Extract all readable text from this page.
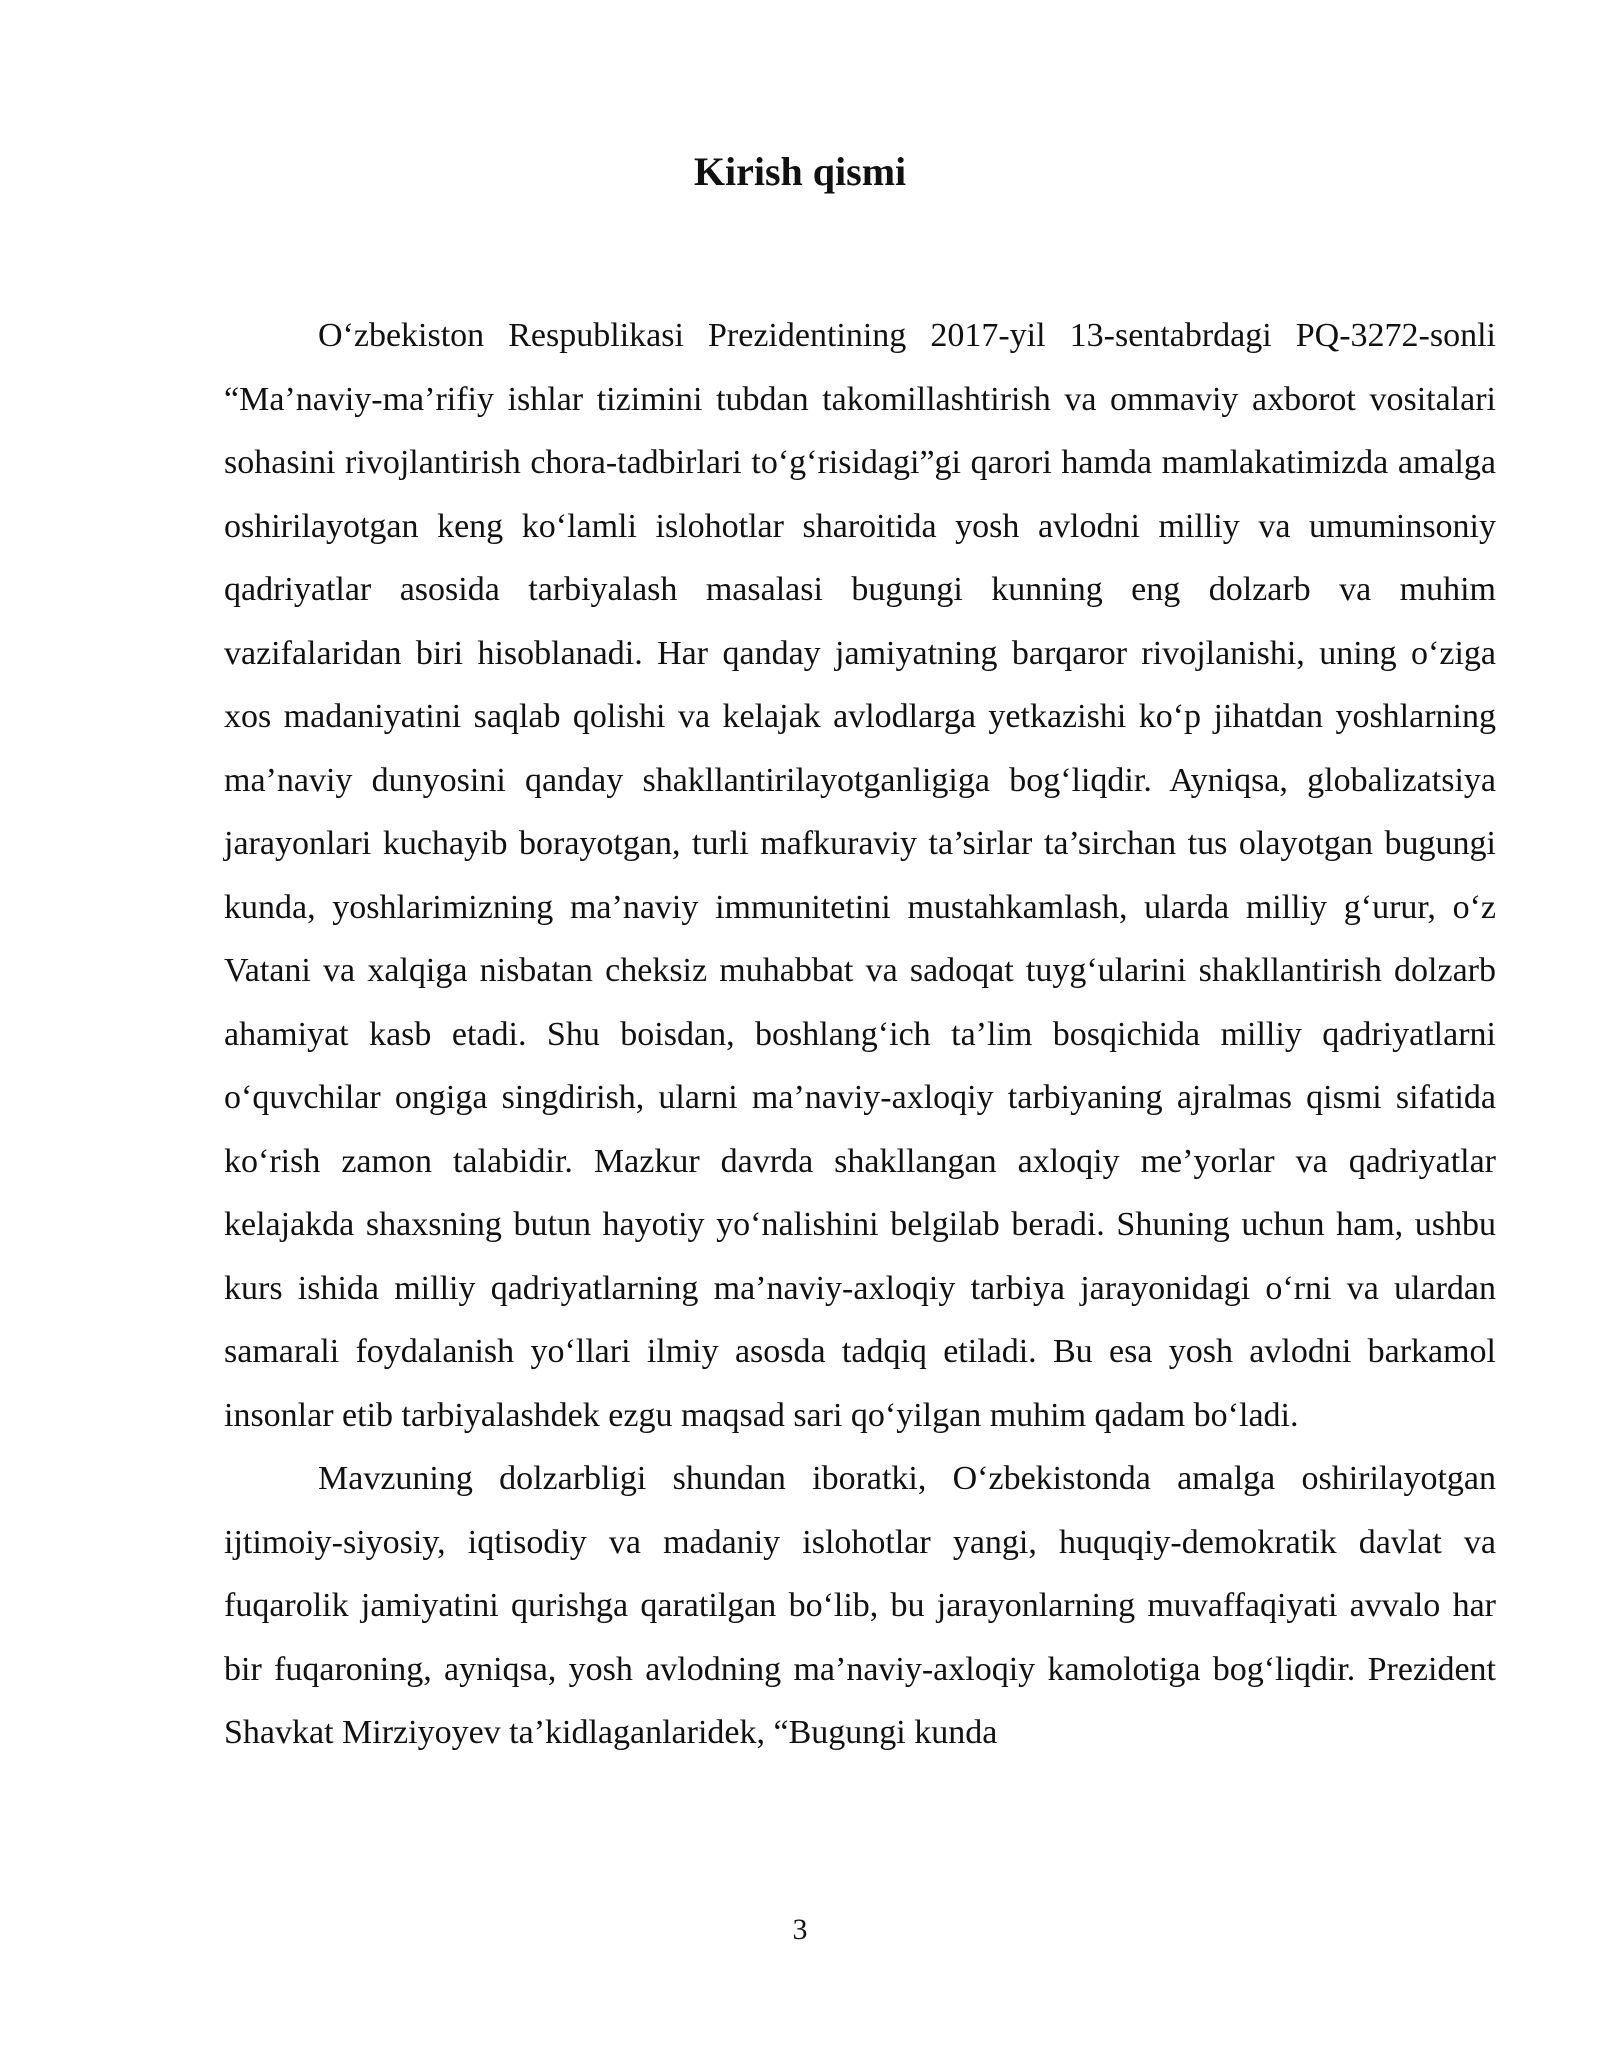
Kirish qismi

O‘zbekiston Respublikasi Prezidentining 2017-yil 13-sentabrdagi PQ-3272-sonli “Ma’naviy-ma’rifiy ishlar tizimini tubdan takomillashtirish va ommaviy axborot vositalari sohasini rivojlantirish chora-tadbirlari to‘g‘risidagi”gi qarori hamda mamlakatimizda amalga oshirilayotgan keng ko‘lamli islohotlar sharoitida yosh avlodni milliy va umuminsoniy qadriyatlar asosida tarbiyalash masalasi bugungi kunning eng dolzarb va muhim vazifalaridan biri hisoblanadi. Har qanday jamiyatning barqaror rivojlanishi, uning o‘ziga xos madaniyatini saqlab qolishi va kelajak avlodlarga yetkazishi ko‘p jihatdan yoshlarning ma’naviy dunyosini qanday shakllantirilayotganligiga bog‘liqdir. Ayniqsa, globalizatsiya jarayonlari kuchayib borayotgan, turli mafkuraviy ta’sirlar ta’sirchan tus olayotgan bugungi kunda, yoshlarimizning ma’naviy immunitetini mustahkamlash, ularda milliy g‘urur, o‘z Vatani va xalqiga nisbatan cheksiz muhabbat va sadoqat tuyg‘ularini shakllantirish dolzarb ahamiyat kasb etadi. Shu boisdan, boshlang‘ich ta’lim bosqichida milliy qadriyatlarni o‘quvchilar ongiga singdirish, ularni ma’naviy-axloqiy tarbiyaning ajralmas qismi sifatida ko‘rish zamon talabidir. Mazkur davrda shakllangan axloqiy me’yorlar va qadriyatlar kelajakda shaxsning butun hayotiy yo‘nalishini belgilab beradi. Shuning uchun ham, ushbu kurs ishida milliy qadriyatlarning ma’naviy-axloqiy tarbiya jarayonidagi o‘rni va ulardan samarali foydalanish yo‘llari ilmiy asosda tadqiq etiladi. Bu esa yosh avlodni barkamol insonlar etib tarbiyalashdek ezgu maqsad sari qo‘yilgan muhim qadam bo‘ladi.

Mavzuning dolzarbligi shundan iboratki, O‘zbekistonda amalga oshirilayotgan ijtimoiy-siyosiy, iqtisodiy va madaniy islohotlar yangi, huquqiy-demokratik davlat va fuqarolik jamiyatini qurishga qaratilgan bo‘lib, bu jarayonlarning muvaffaqiyati avvalo har bir fuqaroning, ayniqsa, yosh avlodning ma’naviy-axloqiy kamolotiga bog‘liqdir. Prezident Shavkat Mirziyoyev ta’kidlaganlaridek, “Bugungi kunda

3
